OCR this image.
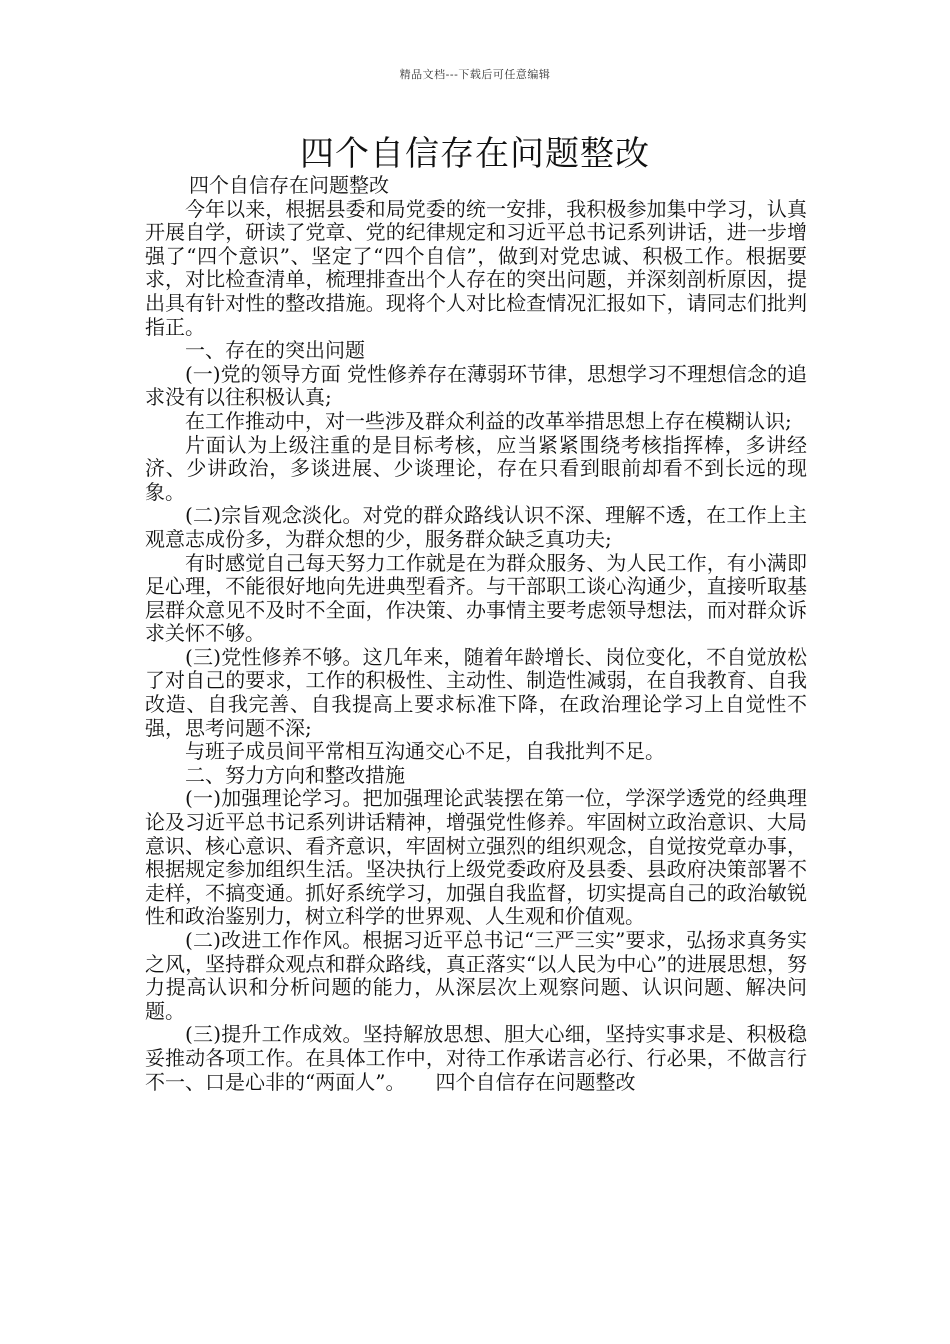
精品文档---下载后可任意编辑
四个自信存在问题整改

四个自信存在问题整改

今年以来，根据县委和局党委的统一安排，我积极参加集中学习，认真开展自学，研读了党章、党的纪律规定和习近平总书记系列讲话，进一步增强了“四个意识”、坚定了“四个自信”，做到对党忠诚、积极工作。根据要求，对比检查清单，梳理排查出个人存在的突出问题，并深刻剖析原因，提出具有针对性的整改措施。现将个人对比检查情况汇报如下，请同志们批判指正。

一、存在的突出问题

(一)党的领导方面 党性修养存在薄弱环节律，思想学习不理想信念的追求没有以往积极认真;

在工作推动中，对一些涉及群众利益的改革举措思想上存在模糊认识;

片面认为上级注重的是目标考核，应当紧紧围绕考核指挥棒，多讲经济、少讲政治，多谈进展、少谈理论，存在只看到眼前却看不到长远的现象。

(二)宗旨观念淡化。对党的群众路线认识不深、理解不透，在工作上主观意志成份多，为群众想的少，服务群众缺乏真功夫;

有时感觉自己每天努力工作就是在为群众服务、为人民工作，有小满即足心理，不能很好地向先进典型看齐。与干部职工谈心沟通少，直接听取基层群众意见不及时不全面，作决策、办事情主要考虑领导想法，而对群众诉求关怀不够。

(三)党性修养不够。这几年来，随着年龄增长、岗位变化，不自觉放松了对自己的要求，工作的积极性、主动性、制造性减弱，在自我教育、自我改造、自我完善、自我提高上要求标准下降，在政治理论学习上自觉性不强，思考问题不深;

与班子成员间平常相互沟通交心不足，自我批判不足。

二、努力方向和整改措施

(一)加强理论学习。把加强理论武装摆在第一位，学深学透党的经典理论及习近平总书记系列讲话精神，增强党性修养。牢固树立政治意识、大局意识、核心意识、看齐意识，牢固树立强烈的组织观念，自觉按党章办事，根据规定参加组织生活。坚决执行上级党委政府及县委、县政府决策部署不走样，不搞变通。抓好系统学习，加强自我监督，切实提高自己的政治敏锐性和政治鉴别力，树立科学的世界观、人生观和价值观。

(二)改进工作作风。根据习近平总书记“三严三实”要求，弘扬求真务实之风，坚持群众观点和群众路线，真正落实“以人民为中心”的进展思想，努力提高认识和分析问题的能力，从深层次上观察问题、认识问题、解决问题。

(三)提升工作成效。坚持解放思想、胆大心细，坚持实事求是、积极稳妥推动各项工作。在具体工作中，对待工作承诺言必行、行必果，不做言行不一、口是心非的“两面人”。　　四个自信存在问题整改
